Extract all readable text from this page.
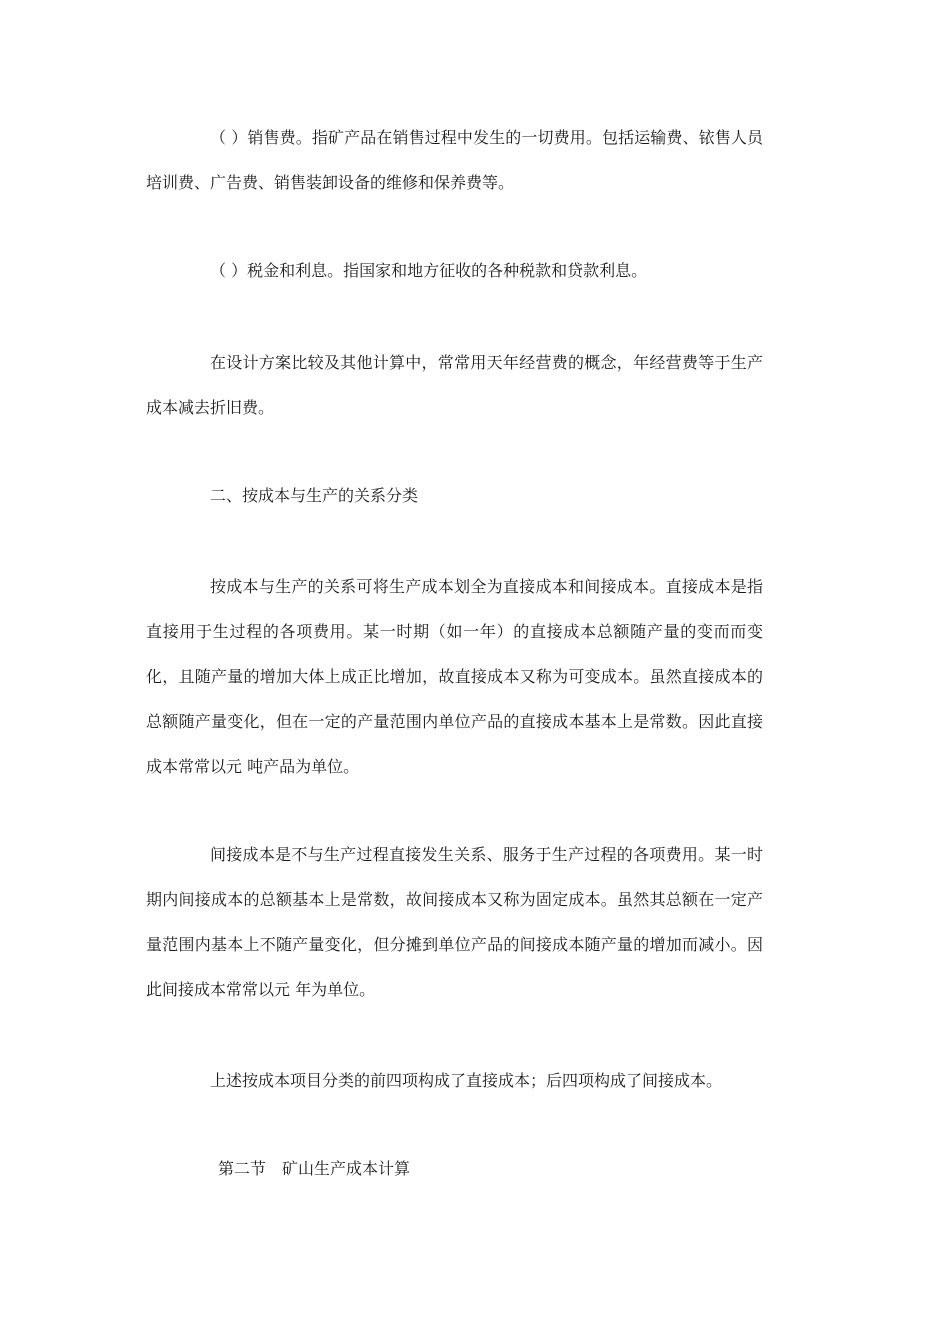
（ ）销售费。指矿产品在销售过程中发生的一切费用。包括运输费、铱售人员培训费、广告费、销售装卸设备的维修和保养费等。

（ ）税金和利息。指国家和地方征收的各种税款和贷款利息。

在设计方案比较及其他计算中，常常用天年经营费的概念，年经营费等于生产成本减去折旧费。

二、按成本与生产的关系分类

按成本与生产的关系可将生产成本划全为直接成本和间接成本。直接成本是指直接用于生过程的各项费用。某一时期（如一年）的直接成本总额随产量的变而而变化，且随产量的增加大体上成正比增加，故直接成本又称为可变成本。虽然直接成本的总额随产量变化，但在一定的产量范围内单位产品的直接成本基本上是常数。因此直接成本常常以元 吨产品为单位。

间接成本是不与生产过程直接发生关系、服务于生产过程的各项费用。某一时期内间接成本的总额基本上是常数，故间接成本又称为固定成本。虽然其总额在一定产量范围内基本上不随产量变化，但分摊到单位产品的间接成本随产量的增加而减小。因此间接成本常常以元 年为单位。

上述按成本项目分类的前四项构成了直接成本；后四项构成了间接成本。

第二节 矿山生产成本计算
